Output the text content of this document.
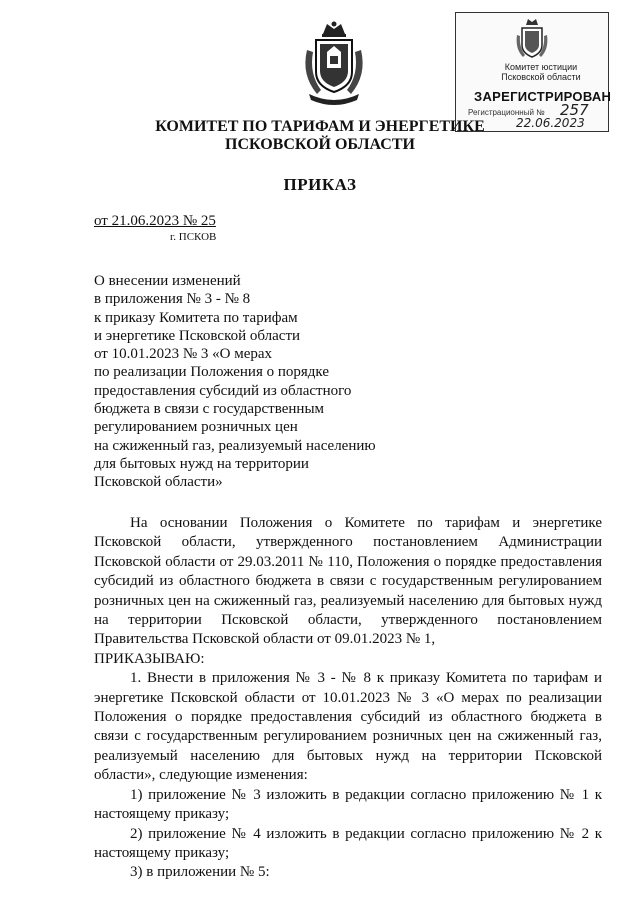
Комитет юстиции
Псковской области
ЗАРЕГИСТРИРОВАН
Регистрационный № 257
22.06.2023
КОМИТЕТ ПО ТАРИФАМ И ЭНЕРГЕТИКЕ
ПСКОВСКОЙ ОБЛАСТИ
ПРИКАЗ
от 21.06.2023 № 25
г. ПСКОВ
О внесении изменений
в приложения № 3 - № 8
к приказу Комитета по тарифам
и энергетике Псковской области
от 10.01.2023 № 3 «О мерах
по реализации Положения о порядке
предоставления субсидий из областного
бюджета в связи с государственным
регулированием розничных цен
на сжиженный газ, реализуемый населению
для бытовых нужд на территории
Псковской области»

На основании Положения о Комитете по тарифам и энергетике Псковской области, утвержденного постановлением Администрации Псковской области от 29.03.2011 № 110, Положения о порядке предоставления субсидий из областного бюджета в связи с государственным регулированием розничных цен на сжиженный газ, реализуемый населению для бытовых нужд на территории Псковской области, утвержденного постановлением Правительства Псковской области от 09.01.2023 № 1,

ПРИКАЗЫВАЮ:

1. Внести в приложения № 3 - № 8 к приказу Комитета по тарифам и энергетике Псковской области от 10.01.2023 № 3 «О мерах по реализации Положения о порядке предоставления субсидий из областного бюджета в связи с государственным регулированием розничных цен на сжиженный газ, реализуемый населению для бытовых нужд на территории Псковской области», следующие изменения:

1) приложение № 3 изложить в редакции согласно приложению № 1 к настоящему приказу;

2) приложение № 4 изложить в редакции согласно приложению № 2 к настоящему приказу;

3) в приложении № 5:
